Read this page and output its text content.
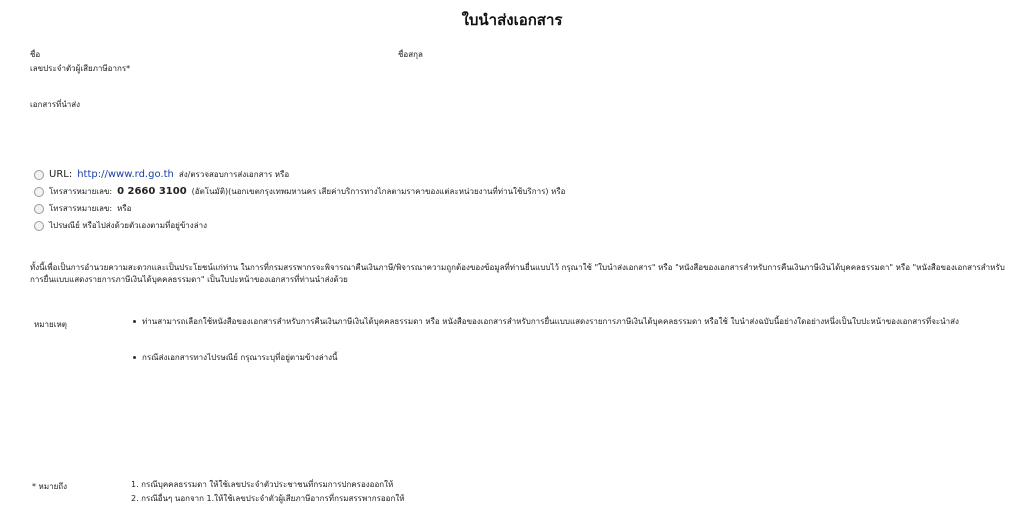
ใบนำส่งเอกสาร
ชื่อ	ชื่อสกุล
เลขประจำตัวผู้เสียภาษีอากร*
เอกสารที่นำส่ง
URL: http://www.rd.go.th ส่ง/ตรวจสอบการส่งเอกสาร หรือ
โทรสารหมายเลข: 0 2660 3100 (อัตโนมัติ)(นอกเขตกรุงเทพมหานคร เสียค่าบริการทางไกลตามราคาของแต่ละหน่วยงานที่ท่านใช้บริการ) หรือ
โทรสารหมายเลข: หรือ
ไปรษณีย์ หรือไปส่งด้วยตัวเองตามที่อยู่ข้างล่าง
ทั้งนี้เพื่อเป็นการอำนวยความสะดวกและเป็นประโยชน์แก่ท่าน ในการที่กรมสรรพากรจะพิจารณาคืนเงินภาษี/พิจารณาความถูกต้องของข้อมูลที่ท่านยื่นแบบไว้ กรุณาใช้ "ใบนำส่งเอกสาร" หรือ "หนังสือของเอกสารสำหรับการคืนเงินภาษีเงินได้บุคคลธรรมดา" หรือ "หนังสือของเอกสารสำหรับการยื่นแบบแสดงรายการภาษีเงินได้บุคคลธรรมดา" เป็นใบปะหน้าของเอกสารที่ท่านนำส่งด้วย
หมายเหตุ	ท่านสามารถเลือกใช้หนังสือของเอกสารสำหรับการคืนเงินภาษีเงินได้บุคคลธรรมดา หรือ หนังสือของเอกสารสำหรับการยื่นแบบแสดงรายการภาษีเงินได้บุคคลธรรมดา หรือใช้ ใบนำส่งฉบับนี้อย่างใดอย่างหนึ่งเป็นใบปะหน้าของเอกสารที่จะนำส่ง
กรณีส่งเอกสารทางไปรษณีย์ กรุณาระบุที่อยู่ตามข้างล่างนี้
* หมายถึง	1. กรณีบุคคลธรรมดา ให้ใช้เลขประจำตัวประชาชนที่กรมการปกครองออกให้
2. กรณีอื่นๆ นอกจาก 1.ให้ใช้เลขประจำตัวผู้เสียภาษีอากรที่กรมสรรพากรออกให้
